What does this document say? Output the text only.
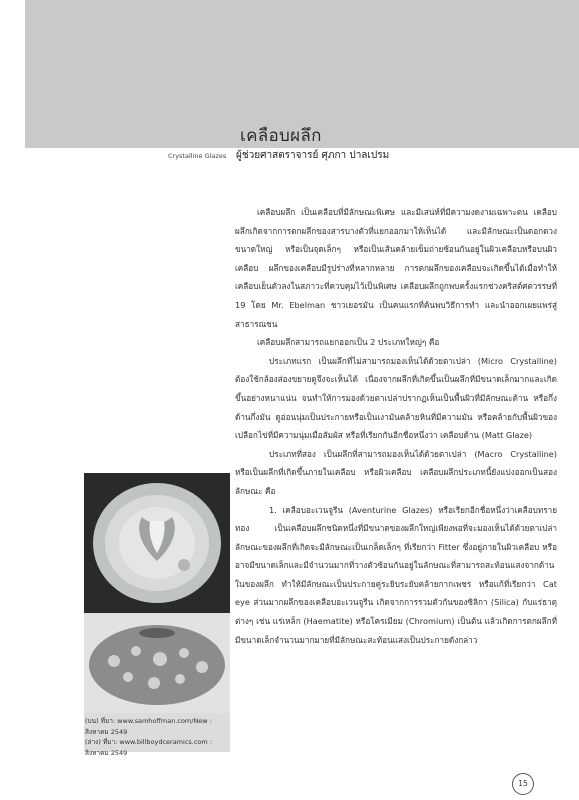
เคลือบผลึก
Crystalline Glazes ผู้ช่วยศาสตราจารย์ ศุภกา ปาลเปรม

เคลือบผลึก เป็นเคลือบที่มีลักษณะพิเศษ และมีเสน่ห์ที่มีความงดงามเฉพาะตน เคลือบผลึกเกิดจากการตกผลึกของสารบางตัวที่แยกออกมาให้เห็นได้ และมีลักษณะเป็นดอกดวงขนาดใหญ่ หรือเป็นจุดเล็กๆ หรือเป็นเส้นคล้ายเข็มถ่ายซ้อนกันอยู่ในผิวเคลือบหรือบนผิวเคลือบ ผลึกของเคลือบมีรูปร่างที่หลากหลาย การตกผลึกของเคลือบจะเกิดขึ้นได้เมื่อทำให้เคลือบเย็นตัวลงในสภาวะที่ควบคุมไว้เป็นพิเศษ เคลือบผลึกถูกพบครั้งแรกช่วงคริสต์ศตวรรษที่ 19 โดย Mr. Ebelman ชาวเยอรมัน เป็นคนแรกที่ค้นพบวิธีการทำ และนำออกเผยแพร่สู่สาธารณชน

เคลือบผลึกสามารถแยกออกเป็น 2 ประเภทใหญ่ๆ คือ

ประเภทแรก เป็นผลึกที่ไม่สามารถมองเห็นได้ด้วยตาเปล่า (Micro Crystalline) ต้องใช้กล้องส่องขยายดูจึงจะเห็นได้ เนื่องจากผลึกที่เกิดขึ้นเป็นผลึกที่มีขนาดเล็กมากและเกิดขึ้นอย่างหนาแน่น จนทำให้การมองด้วยตาเปล่าปรากฏเห็นเป็นพื้นผิวที่มีลักษณะด้าน หรือกึ่งด้านกึ่งมัน ดูอ่อนนุ่มเป็นประกายหรือเป็นเงามันคล้ายหินที่มีความมัน หรือคล้ายกับพื้นผิวของเปลือกไข่ที่มีความนุ่มเมื่อสัมผัส หรือที่เรียกกันอีกชื่อหนึ่งว่า เคลือบด้าน (Matt Glaze)

ประเภทที่สอง เป็นผลึกที่สามารถมองเห็นได้ด้วยตาเปล่า (Macro Crystalline) หรือเป็นผลึกที่เกิดขึ้นภายในเคลือบ หรือผิวเคลือบ เคลือบผลึกประเภทนี้ยังแบ่งออกเป็นสองลักษณะ คือ

1. เคลือบอะเวนจูรีน (Aventurine Glazes) หรือเรียกอีกชื่อหนึ่งว่าเคลือบทรายทอง เป็นเคลือบผลึกชนิดหนึ่งที่มีขนาดของผลึกใหญ่เพียงพอที่จะมองเห็นได้ด้วยตาเปล่า ลักษณะของผลึกที่เกิดจะมีลักษณะเป็นเกล็ดเล็กๆ ที่เรียกว่า Fitter ซึ่งอยู่ภายในผิวเคลือบ หรืออาจมีขนาดเล็กและมีจำนวนมากที่วางตัวซ้อนกันอยู่ในลักษณะที่สามารถสะท้อนแสงจากด้านในของผลึก ทำให้มีลักษณะเป็นประกายคู่ระยิบระยับคล้ายกากเพชร หรือแก้ที่เรียกว่า Cat eye ส่วนมากผลึกของเคลือบอะเวนจูรีน เกิดจากการรวมตัวกันของซิลิกา (Silica) กับแร่ธาตุต่างๆ เช่น แร่เหล็ก (Haematite) หรือโครเมียม (Chromium) เป็นต้น แล้วเกิดการตกผลึกที่มีขนาดเล็กจำนวนมากมายที่มีลักษณะสะท้อนแสงเป็นประกายดังกล่าว

(บน) ที่มา: www.samhoffman.com/New :
สิงหาคม 2549
(ล่าง) ที่มา: www.billboydceramics.com :
สิงหาคม 2549
15
